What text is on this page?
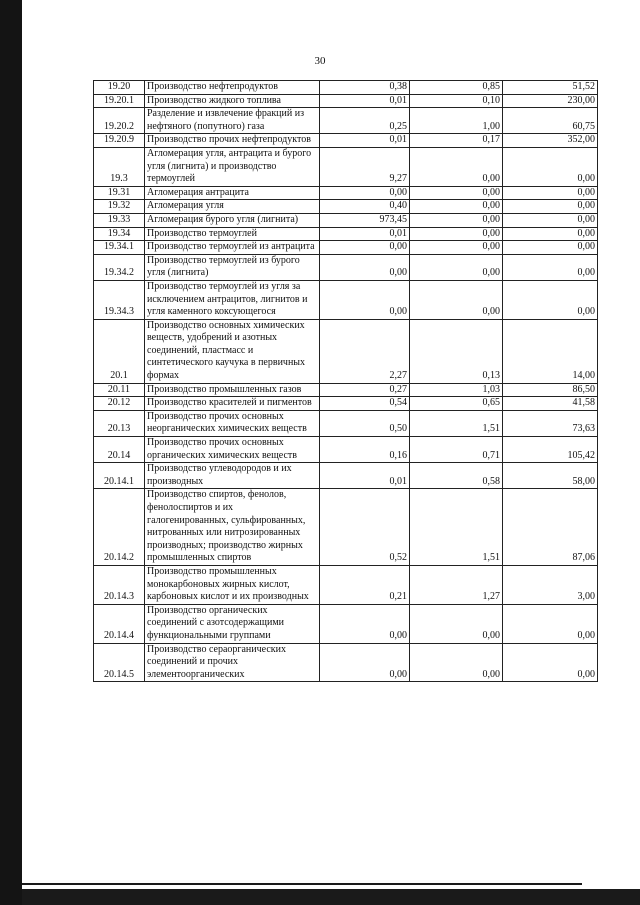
30
19.20	Производство нефтепродуктов	0,38	0,85	51,52
19.20.1	Производство жидкого топлива	0,01	0,10	230,00
19.20.2	Разделение и извлечение фракций из нефтяного (попутного) газа	0,25	1,00	60,75
19.20.9	Производство прочих нефтепродуктов	0,01	0,17	352,00
19.3	Агломерация угля, антрацита и бурого угля (лигнита) и производство термоуглей	9,27	0,00	0,00
19.31	Агломерация антрацита	0,00	0,00	0,00
19.32	Агломерация угля	0,40	0,00	0,00
19.33	Агломерация бурого угля (лигнита)	973,45	0,00	0,00
19.34	Производство термоуглей	0,01	0,00	0,00
19.34.1	Производство термоуглей из антрацита	0,00	0,00	0,00
19.34.2	Производство термоуглей из бурого угля (лигнита)	0,00	0,00	0,00
19.34.3	Производство термоуглей из угля за исключением антрацитов, лигнитов и угля каменного коксующегося	0,00	0,00	0,00
20.1	Производство основных химических веществ, удобрений и азотных соединений, пластмасс и синтетического каучука в первичных формах	2,27	0,13	14,00
20.11	Производство промышленных газов	0,27	1,03	86,50
20.12	Производство красителей и пигментов	0,54	0,65	41,58
20.13	Производство прочих основных неорганических химических веществ	0,50	1,51	73,63
20.14	Производство прочих основных органических химических веществ	0,16	0,71	105,42
20.14.1	Производство углеводородов и их производных	0,01	0,58	58,00
20.14.2	Производство спиртов, фенолов, фенолоспиртов и их галогенированных, сульфированных, нитрованных или нитрозированных производных; производство жирных промышленных спиртов	0,52	1,51	87,06
20.14.3	Производство промышленных монокарбоновых жирных кислот, карбоновых кислот и их производных	0,21	1,27	3,00
20.14.4	Производство органических соединений с азотсодержащими функциональными группами	0,00	0,00	0,00
20.14.5	Производство сераорганических соединений и прочих элементоорганических	0,00	0,00	0,00
